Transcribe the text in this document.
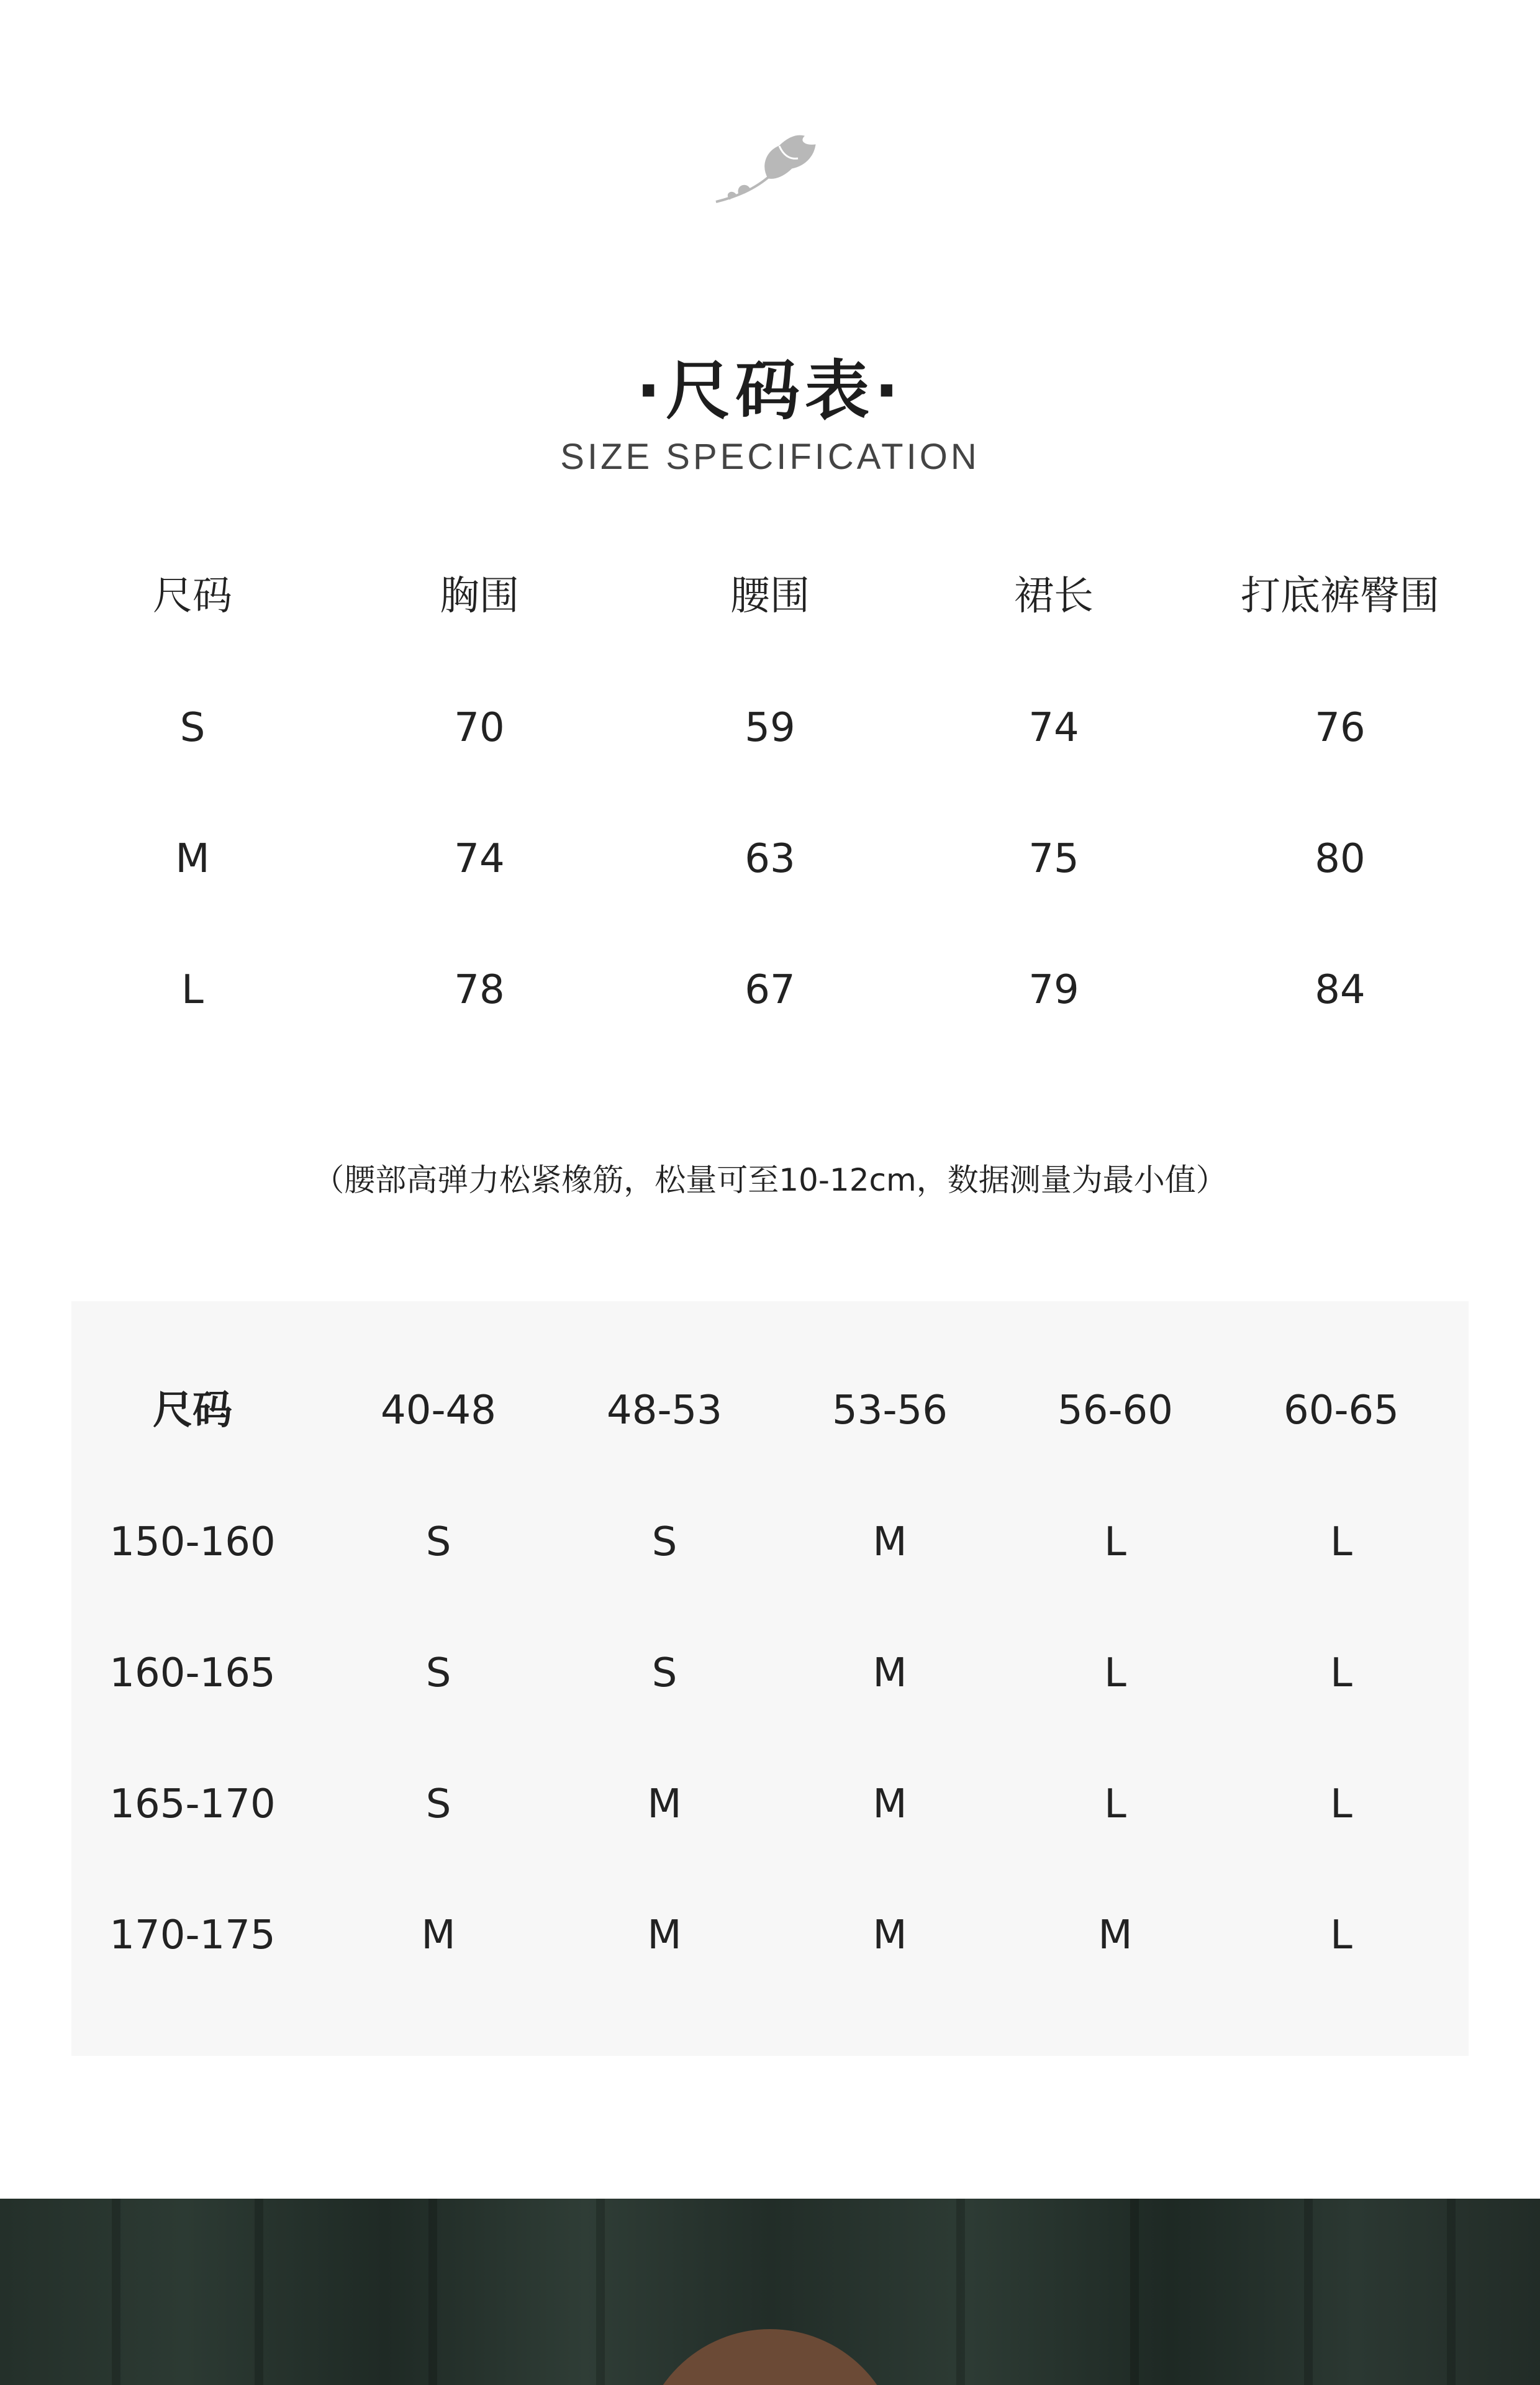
·尺码表·
SIZE SPECIFICATION
尺码	胸围	腰围	裙长	打底裤臀围
S	70	59	74	76
M	74	63	75	80
L	78	67	79	84
（腰部高弹力松紧橡筋，松量可至10-12cm，数据测量为最小值）
尺码	40-48	48-53	53-56	56-60	60-65
150-160	S	S	M	L	L
160-165	S	S	M	L	L
165-170	S	M	M	L	L
170-175	M	M	M	M	L
